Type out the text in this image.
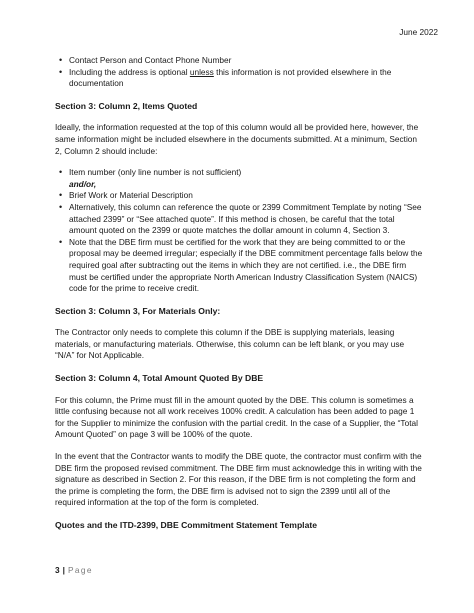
June 2022
• Contact Person and Contact Phone Number
• Including the address is optional unless this information is not provided elsewhere in the documentation
Section 3: Column 2, Items Quoted

Ideally, the information requested at the top of this column would all be provided here, however, the same information might be included elsewhere in the documents submitted. At a minimum, Section 2, Column 2 should include:

• Item number (only line number is not sufficient)
and/or,
• Brief Work or Material Description
• Alternatively, this column can reference the quote or 2399 Commitment Template by noting “See attached 2399” or “See attached quote”. If this method is chosen, be careful that the total amount quoted on the 2399 or quote matches the dollar amount in column 4, Section 3.
• Note that the DBE firm must be certified for the work that they are being committed to or the proposal may be deemed irregular; especially if the DBE commitment percentage falls below the required goal after subtracting out the items in which they are not certified. i.e., the DBE firm must be certified under the appropriate North American Industry Classification System (NAICS) code for the prime to receive credit.
Section 3: Column 3, For Materials Only:

The Contractor only needs to complete this column if the DBE is supplying materials, leasing materials, or manufacturing materials. Otherwise, this column can be left blank, or you may use “N/A” for Not Applicable.

Section 3: Column 4, Total Amount Quoted By DBE

For this column, the Prime must fill in the amount quoted by the DBE. This column is sometimes a little confusing because not all work receives 100% credit. A calculation has been added to page 1 for the Supplier to minimize the confusion with the partial credit. In the case of a Supplier, the “Total Amount Quoted” on page 3 will be 100% of the quote.

In the event that the Contractor wants to modify the DBE quote, the contractor must confirm with the DBE firm the proposed revised commitment. The DBE firm must acknowledge this in writing with the signature as described in Section 2. For this reason, if the DBE firm is not completing the form and the prime is completing the form, the DBE firm is advised not to sign the 2399 until all of the required information at the top of the form is completed.

Quotes and the ITD-2399, DBE Commitment Statement Template
3 | Page
